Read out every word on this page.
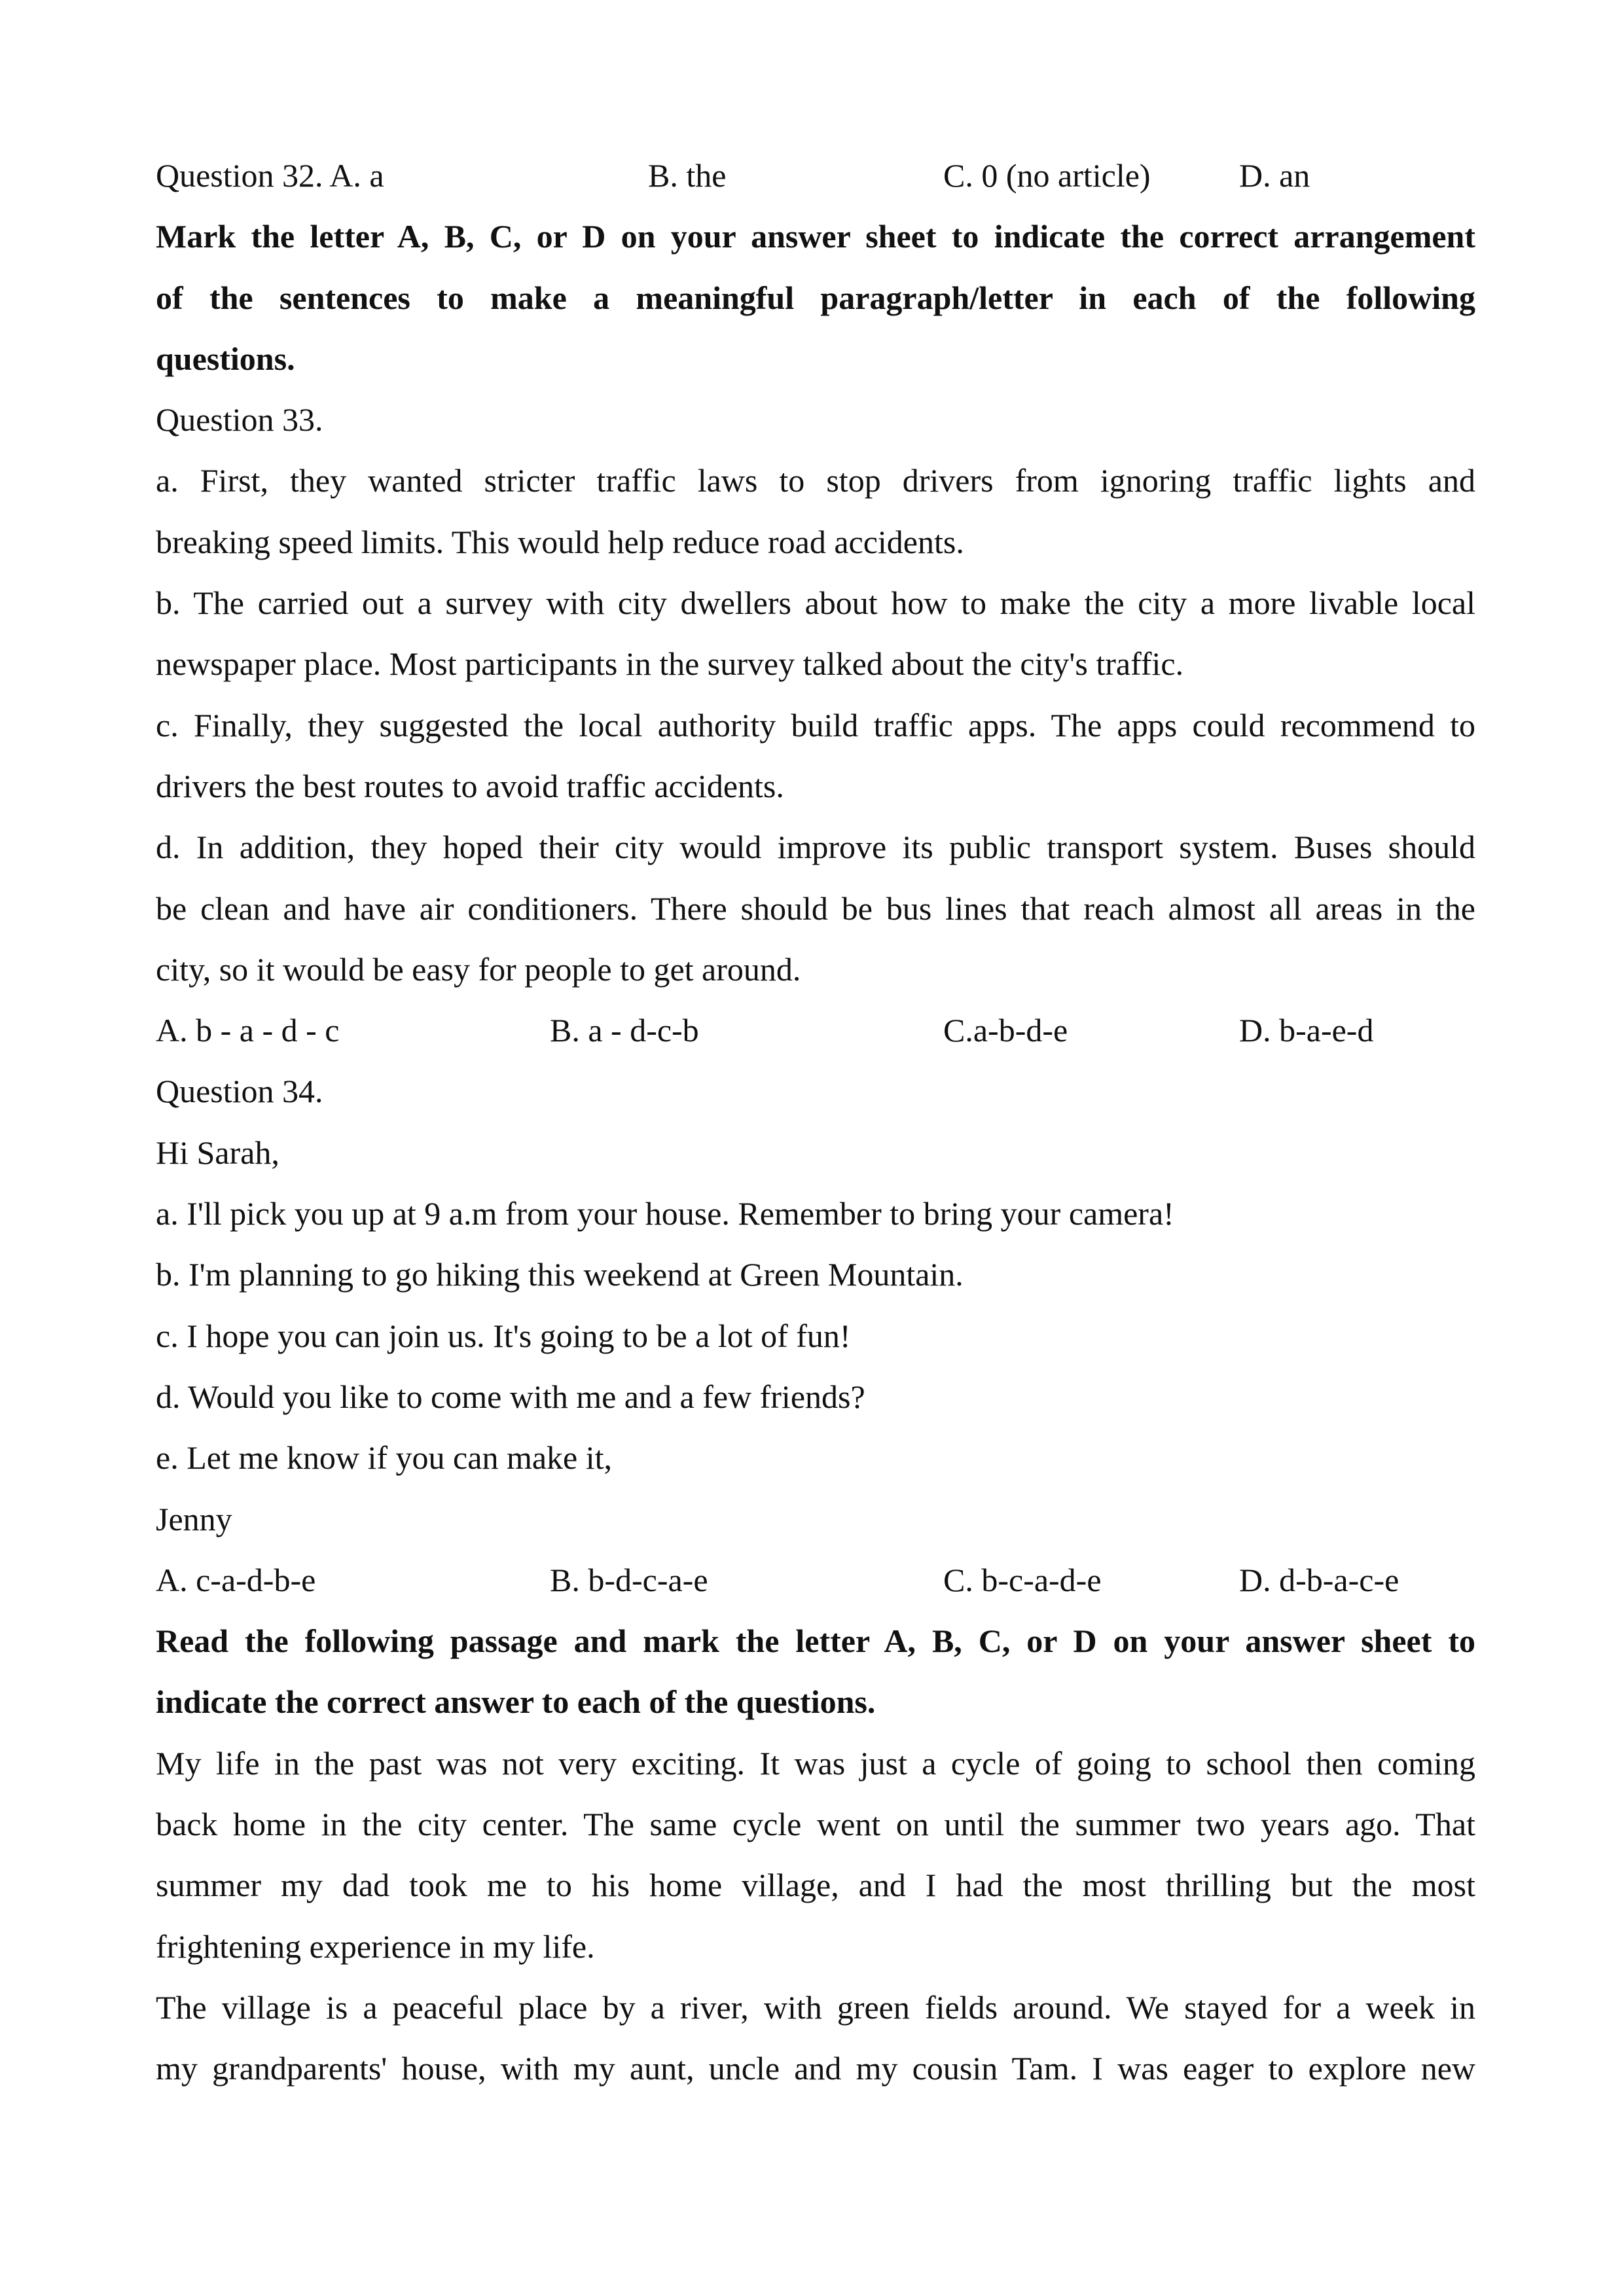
Question 32. A. a	B. the	C. 0 (no article)	D. an
Mark the letter A, B, C, or D on your answer sheet to indicate the correct arrangement
of the sentences to make a meaningful paragraph/letter in each of the following
questions.
Question 33.
a. First, they wanted stricter traffic laws to stop drivers from ignoring traffic lights and
breaking speed limits. This would help reduce road accidents.
b. The carried out a survey with city dwellers about how to make the city a more livable local
newspaper place. Most participants in the survey talked about the city's traffic.
c. Finally, they suggested the local authority build traffic apps. The apps could recommend to
drivers the best routes to avoid traffic accidents.
d. In addition, they hoped their city would improve its public transport system. Buses should
be clean and have air conditioners. There should be bus lines that reach almost all areas in the
city, so it would be easy for people to get around.
A. b - a - d - c	B. a - d-c-b	C.a-b-d-e	D. b-a-e-d
Question 34.
Hi Sarah,
a. I'll pick you up at 9 a.m from your house. Remember to bring your camera!
b. I'm planning to go hiking this weekend at Green Mountain.
c. I hope you can join us. It's going to be a lot of fun!
d. Would you like to come with me and a few friends?
e. Let me know if you can make it,
Jenny
A. c-a-d-b-e	B. b-d-c-a-e	C. b-c-a-d-e	D. d-b-a-c-e
Read the following passage and mark the letter A, B, C, or D on your answer sheet to
indicate the correct answer to each of the questions.
My life in the past was not very exciting. It was just a cycle of going to school then coming
back home in the city center. The same cycle went on until the summer two years ago. That
summer my dad took me to his home village, and I had the most thrilling but the most
frightening experience in my life.
The village is a peaceful place by a river, with green fields around. We stayed for a week in
my grandparents' house, with my aunt, uncle and my cousin Tam. I was eager to explore new
